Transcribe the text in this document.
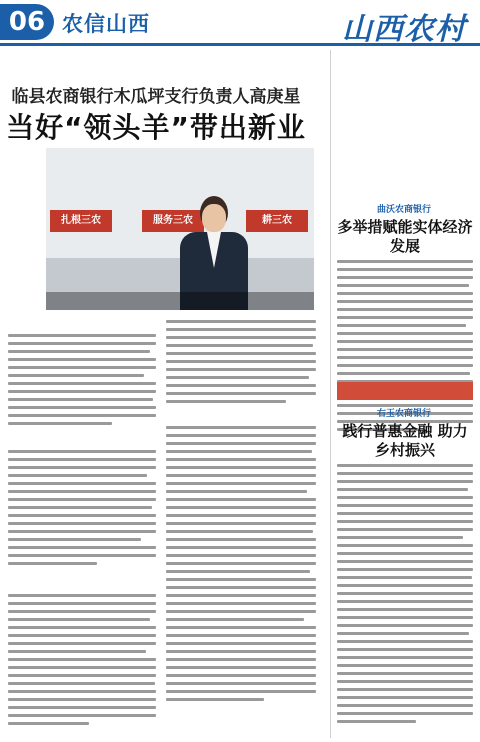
06 农信山西	山西农村
临县农商银行木瓜坪支行负责人高庚星
当好“领头羊”带出新业
扎根三农	服务三农	耕三农
曲沃农商银行
多举措赋能实体经济发展
右玉农商银行
践行普惠金融 助力乡村振兴
